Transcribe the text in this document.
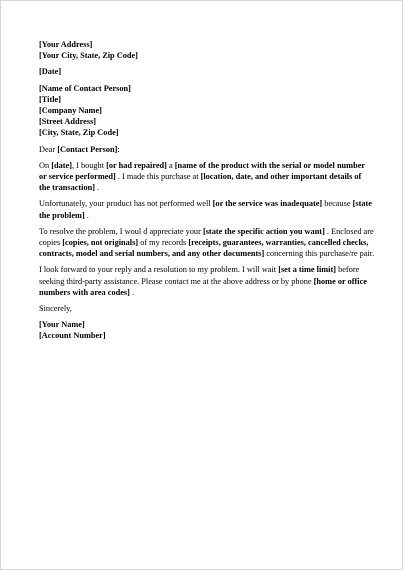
[Your Address]
[Your City, State, Zip Code]
[Date]
[Name of Contact Person]
[Title]
[Company Name]
[Street Address]
[City, State, Zip Code]
Dear [Contact Person]:
On [date], I bought [or had repaired] a [name of the product with the serial or model number
or service performed] . I made this purchase at [location, date, and other important details of
the transaction] .
Unfortunately, your product has not performed well [or the service was inadequate] because [state
the problem] .
To resolve the problem, I woul d appreciate your [state the specific action you want] . Enclosed are
copies [copies, not originals] of my records [receipts, guarantees, warranties, cancelled checks,
contracts, model and serial numbers, and any other documents] concerning this purchase/re pair.
I look forward to your reply and a resolution to my problem. I will wait [set a time limit] before
seeking third-party assistance. Please contact me at the above address or by phone [home or office
numbers with area codes] .
Sincerely,
[Your Name]
[Account Number]
